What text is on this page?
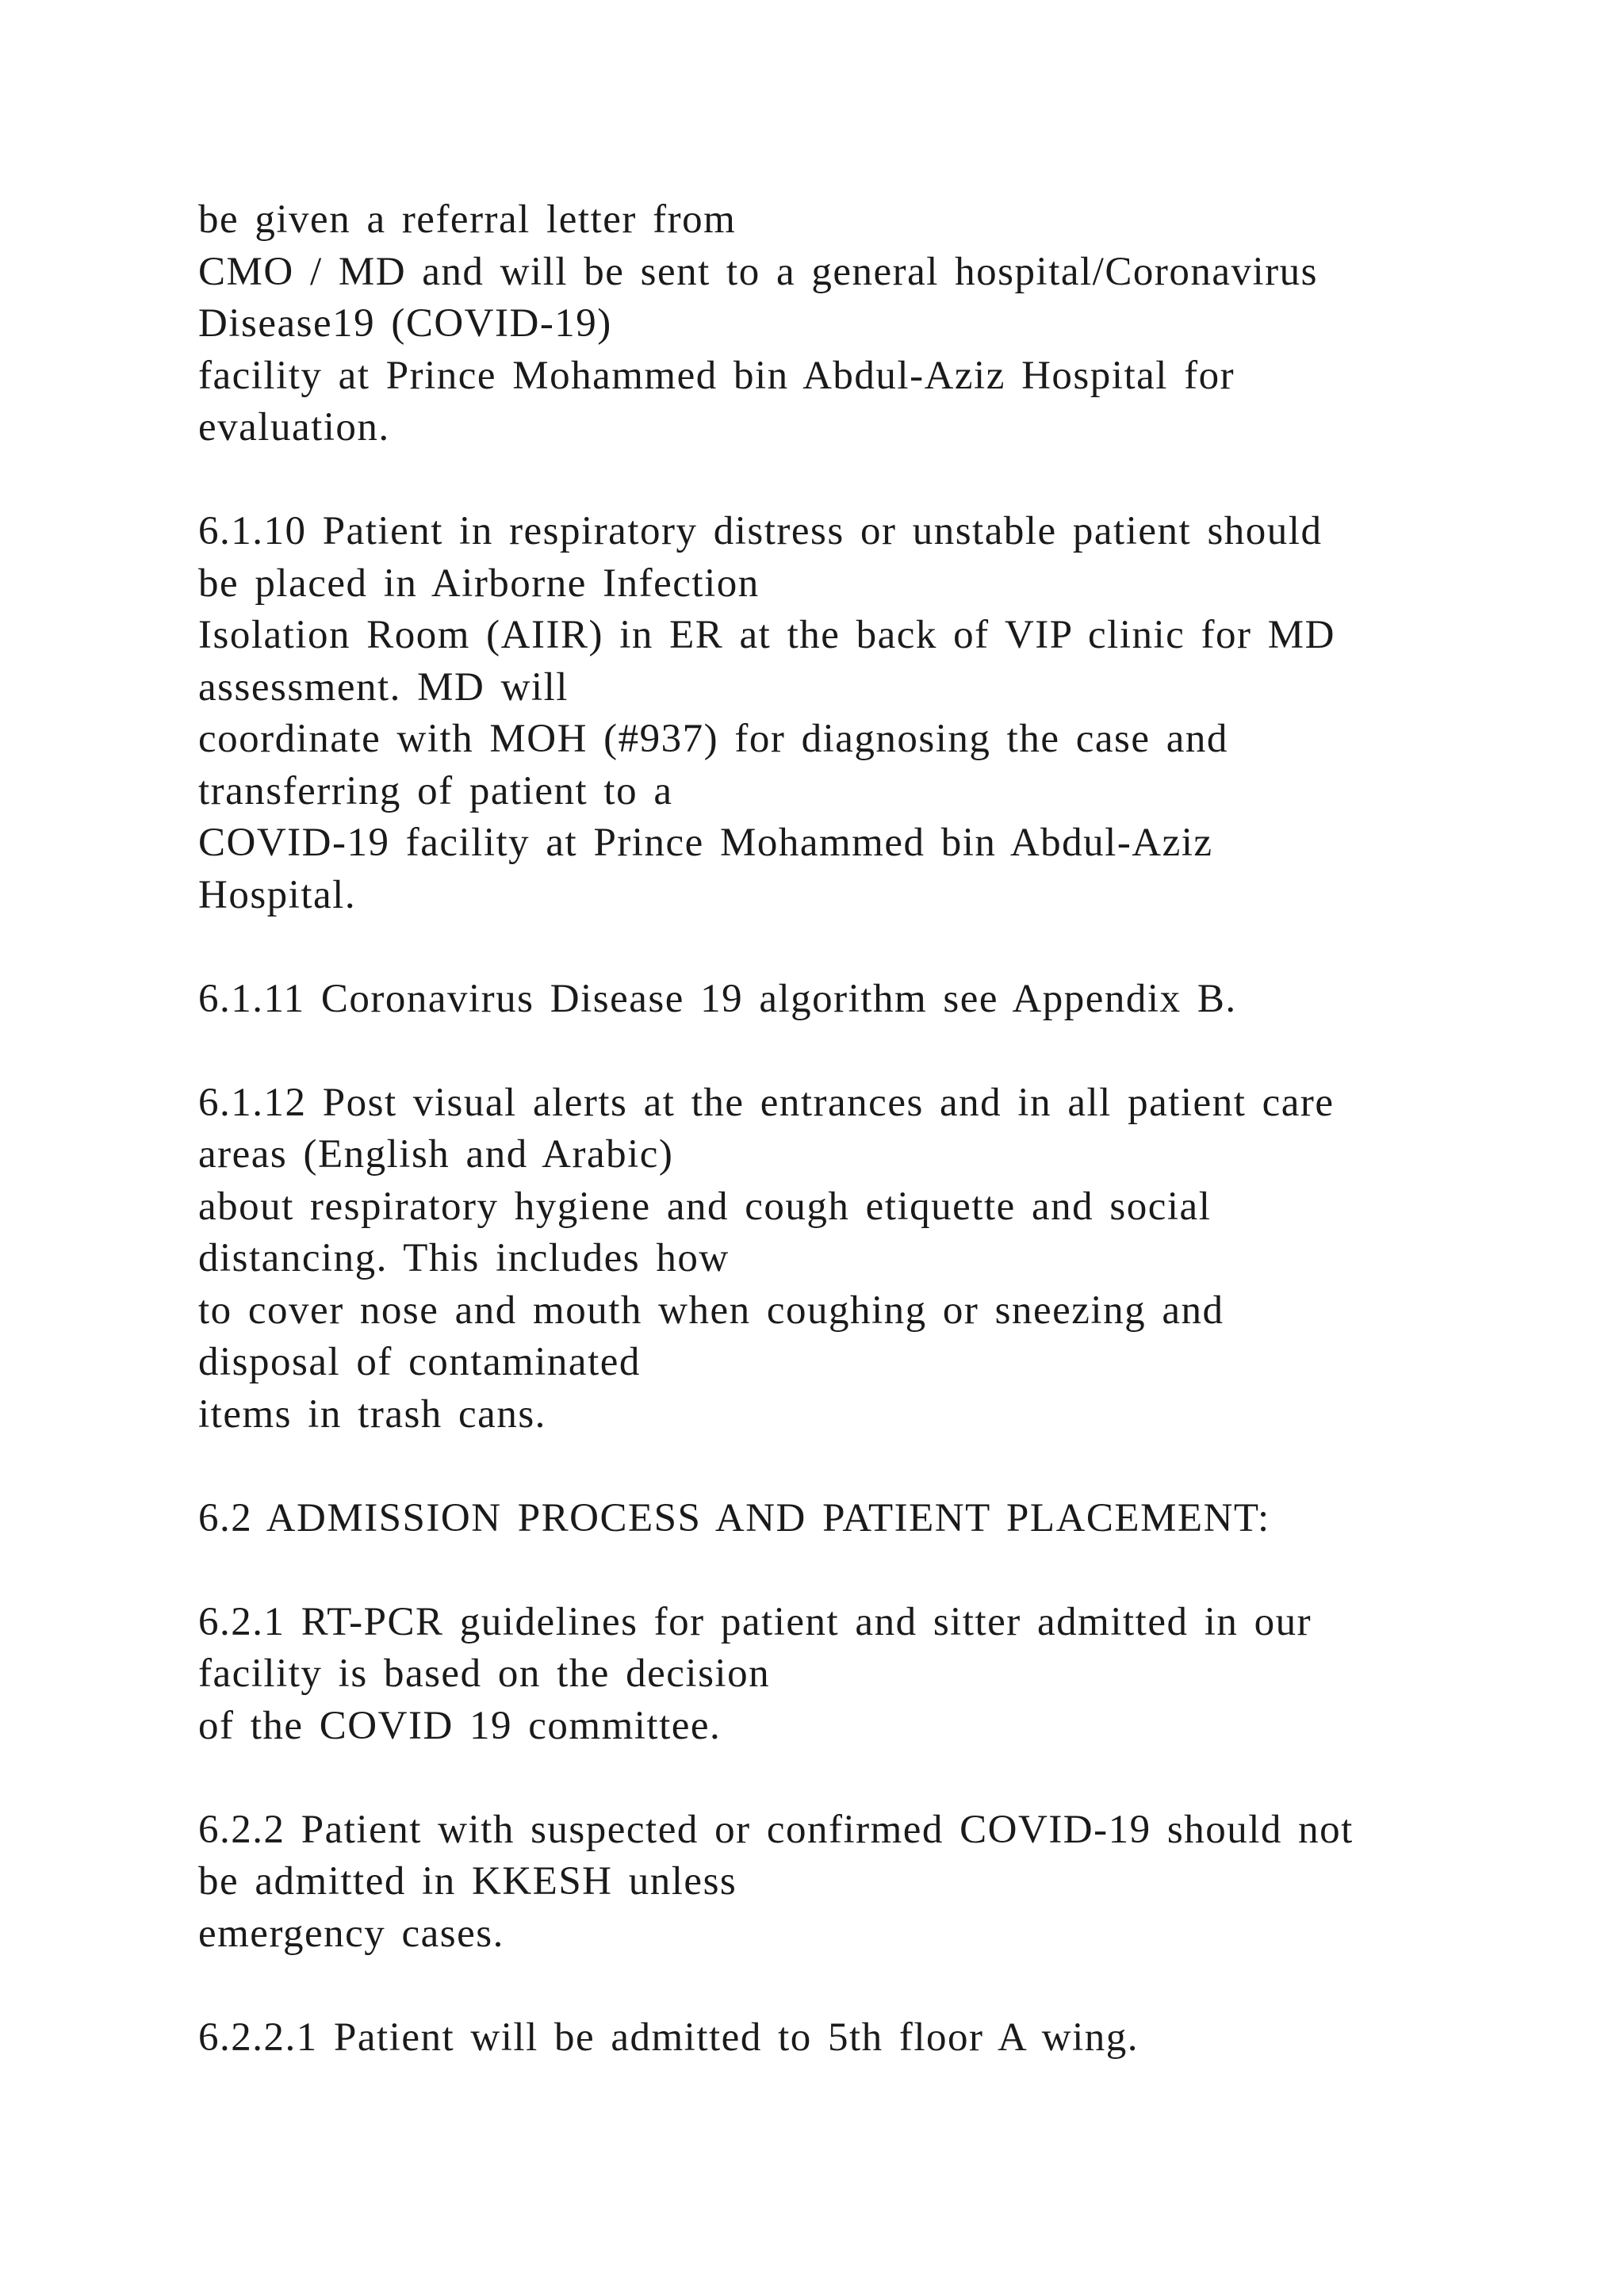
be given a referral letter from
CMO / MD and will be sent to a general hospital/Coronavirus
Disease19 (COVID-19)
facility at Prince Mohammed bin Abdul-Aziz Hospital for
evaluation.
6.1.10 Patient in respiratory distress or unstable patient should
be placed in Airborne Infection
Isolation Room (AIIR) in ER at the back of VIP clinic for MD
assessment. MD will
coordinate with MOH (#937) for diagnosing the case and
transferring of patient to a
COVID-19 facility at Prince Mohammed bin Abdul-Aziz
Hospital.
6.1.11 Coronavirus Disease 19 algorithm see Appendix B.
6.1.12 Post visual alerts at the entrances and in all patient care
areas (English and Arabic)
about respiratory hygiene and cough etiquette and social
distancing. This includes how
to cover nose and mouth when coughing or sneezing and
disposal of contaminated
items in trash cans.
6.2 ADMISSION PROCESS AND PATIENT PLACEMENT:
6.2.1 RT-PCR guidelines for patient and sitter admitted in our
facility is based on the decision
of the COVID 19 committee.
6.2.2 Patient with suspected or confirmed COVID-19 should not
be admitted in KKESH unless
emergency cases.
6.2.2.1 Patient will be admitted to 5th floor A wing.
